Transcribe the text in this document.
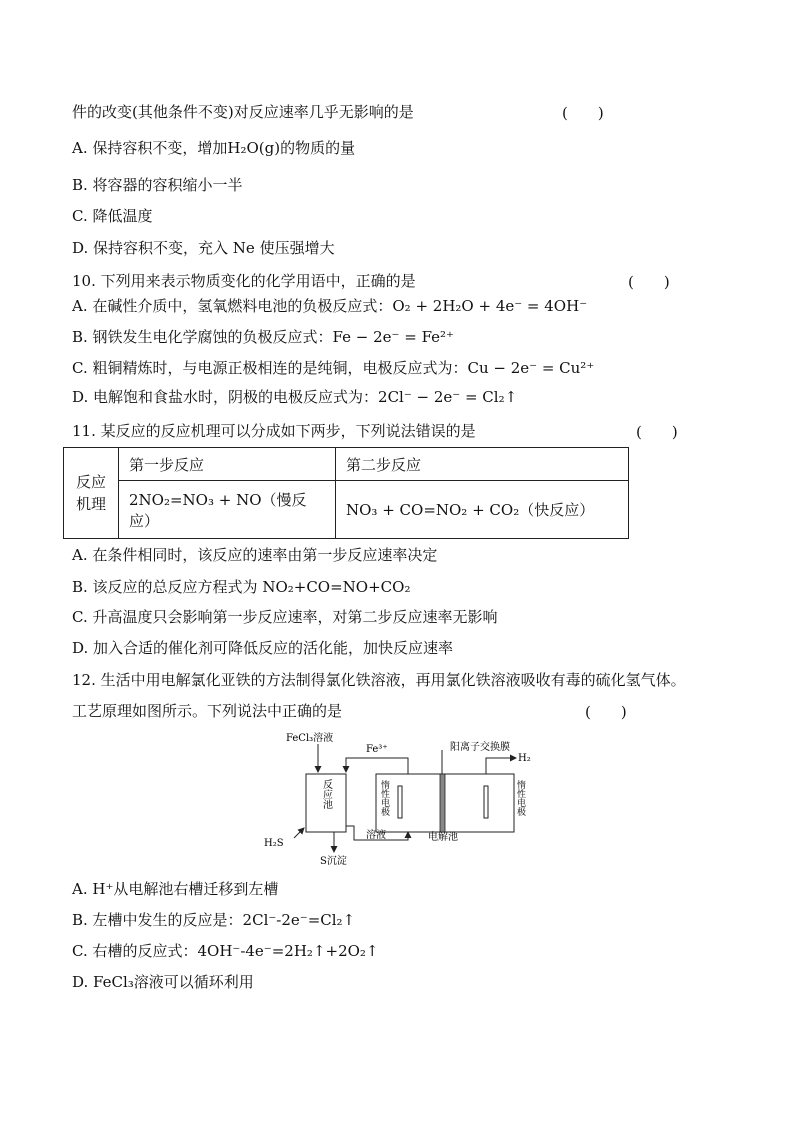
件的改变(其他条件不变)对反应速率几乎无影响的是	(　　)
A. 保持容积不变，增加H₂O(g)的物质的量
B. 将容器的容积缩小一半
C. 降低温度
D. 保持容积不变，充入 Ne 使压强增大
10. 下列用来表示物质变化的化学用语中，正确的是	(　　)
A. 在碱性介质中，氢氧燃料电池的负极反应式：O₂ + 2H₂O + 4e⁻ = 4OH⁻
B. 钢铁发生电化学腐蚀的负极反应式：Fe − 2e⁻ = Fe²⁺
C. 粗铜精炼时，与电源正极相连的是纯铜，电极反应式为：Cu − 2e⁻ = Cu²⁺
D. 电解饱和食盐水时，阴极的电极反应式为：2Cl⁻ − 2e⁻ = Cl₂↑
11. 某反应的反应机理可以分成如下两步，下列说法错误的是	(　　)
反应机理	第一步反应	第二步反应
	2NO₂=NO₃ + NO（慢反应）	NO₃ + CO=NO₂ + CO₂（快反应）
A. 在条件相同时，该反应的速率由第一步反应速率决定
B. 该反应的总反应方程式为 NO₂+CO=NO+CO₂
C. 升高温度只会影响第一步反应速率，对第二步反应速率无影响
D. 加入合适的催化剂可降低反应的活化能，加快反应速率
12. 生活中用电解氯化亚铁的方法制得氯化铁溶液，再用氯化铁溶液吸收有毒的硫化氢气体。
工艺原理如图所示。下列说法中正确的是	(　　)
反应池
FeCl₃溶液
Fe³⁺	阳离子交换膜
H₂
惰性电极	惰性电极
H₂S
溶液	电解池
S沉淀
A. H⁺从电解池右槽迁移到左槽
B. 左槽中发生的反应是：2Cl⁻-2e⁻=Cl₂↑
C. 右槽的反应式：4OH⁻-4e⁻=2H₂↑+2O₂↑
D. FeCl₃溶液可以循环利用
